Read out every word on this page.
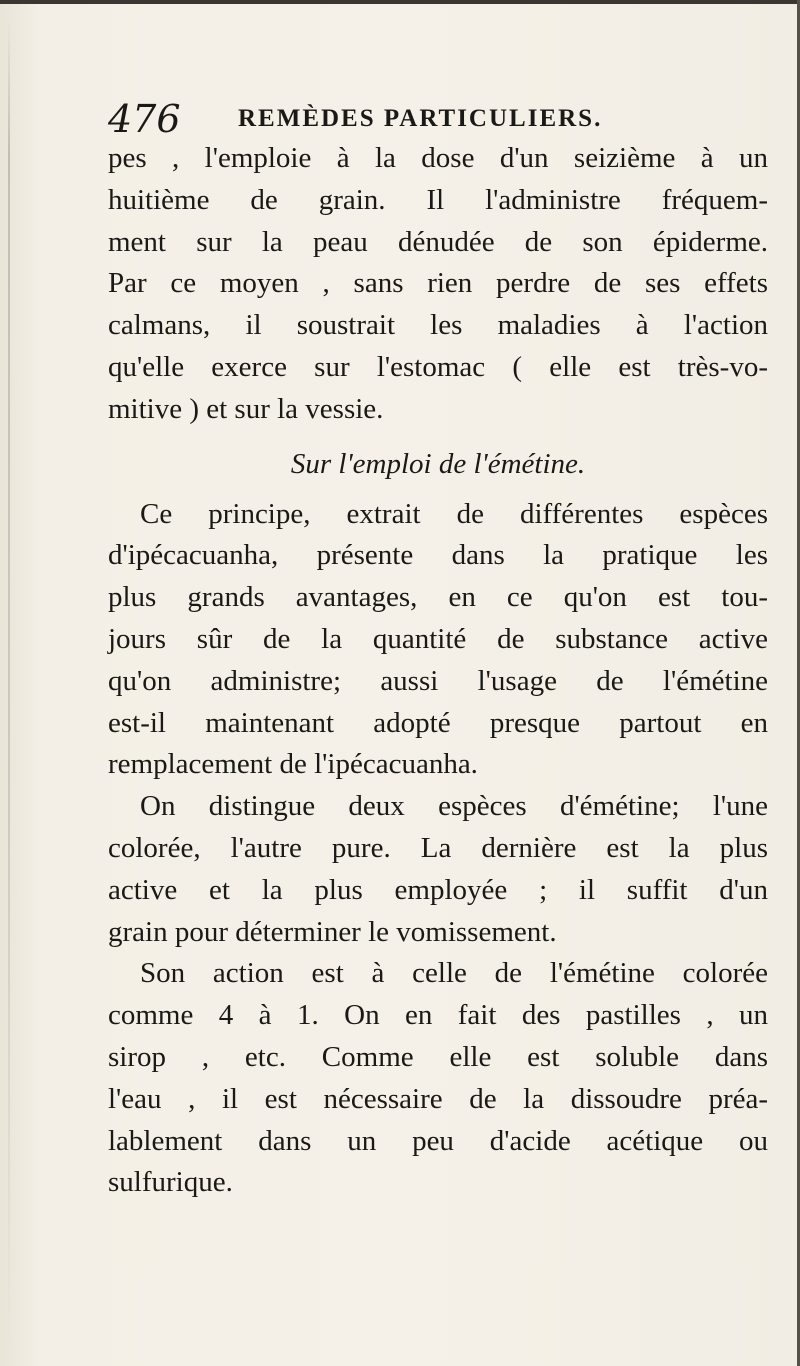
476 REMÈDES PARTICULIERS.
pes , l'emploie à la dose d'un seizième à un
huitième de grain. Il l'administre fréquem-
ment sur la peau dénudée de son épiderme.
Par ce moyen , sans rien perdre de ses effets
calmans, il soustrait les maladies à l'action
qu'elle exerce sur l'estomac ( elle est très-vo-
mitive ) et sur la vessie.
Sur l'emploi de l'émétine.
Ce principe, extrait de différentes espèces
d'ipécacuanha, présente dans la pratique les
plus grands avantages, en ce qu'on est tou-
jours sûr de la quantité de substance active
qu'on administre; aussi l'usage de l'émétine
est-il maintenant adopté presque partout en
remplacement de l'ipécacuanha.
On distingue deux espèces d'émétine; l'une
colorée, l'autre pure. La dernière est la plus
active et la plus employée ; il suffit d'un
grain pour déterminer le vomissement.
Son action est à celle de l'émétine colorée
comme 4 à 1. On en fait des pastilles , un
sirop , etc. Comme elle est soluble dans
l'eau , il est nécessaire de la dissoudre préa-
lablement dans un peu d'acide acétique ou
sulfurique.
